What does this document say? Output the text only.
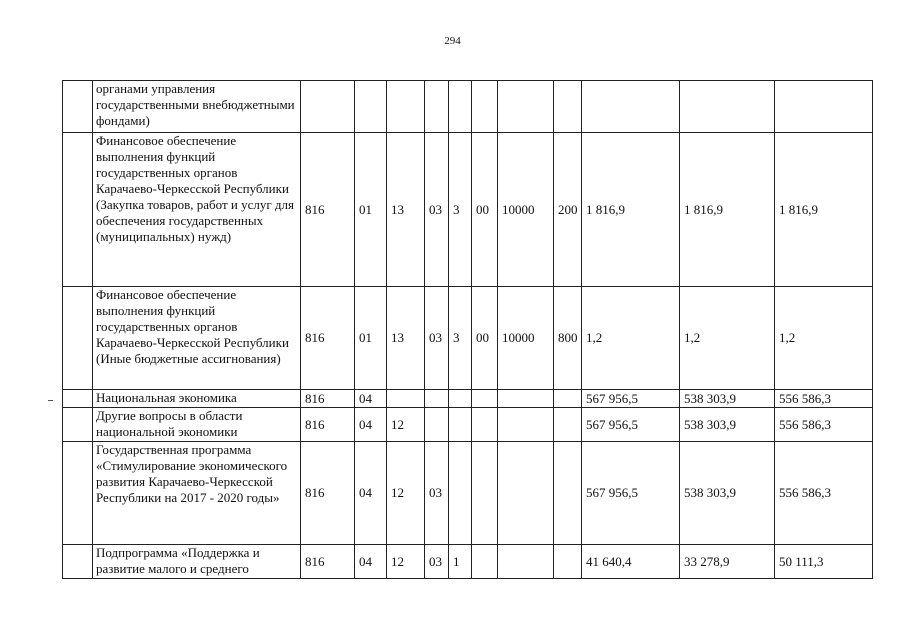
294
	органами управления государственными внебюджетными фондами)											
	Финансовое обеспечение выполнения функций государственных органов Карачаево-Черкесской Республики (Закупка товаров, работ и услуг для обеспечения государственных (муниципальных) нужд)	816	01	13	03	3	00	10000	200	1 816,9	1 816,9	1 816,9
	Финансовое обеспечение выполнения функций государственных органов Карачаево-Черкесской Республики (Иные бюджетные ассигнования)	816	01	13	03	3	00	10000	800	1,2	1,2	1,2
	Национальная экономика	816	04							567 956,5	538 303,9	556 586,3
	Другие вопросы в области национальной экономики	816	04	12						567 956,5	538 303,9	556 586,3
	Государственная программа «Стимулирование экономического развития Карачаево-Черкесской Республики на 2017 - 2020 годы»	816	04	12	03					567 956,5	538 303,9	556 586,3
	Подпрограмма «Поддержка и развитие малого и среднего	816	04	12	03	1				41 640,4	33 278,9	50 111,3
